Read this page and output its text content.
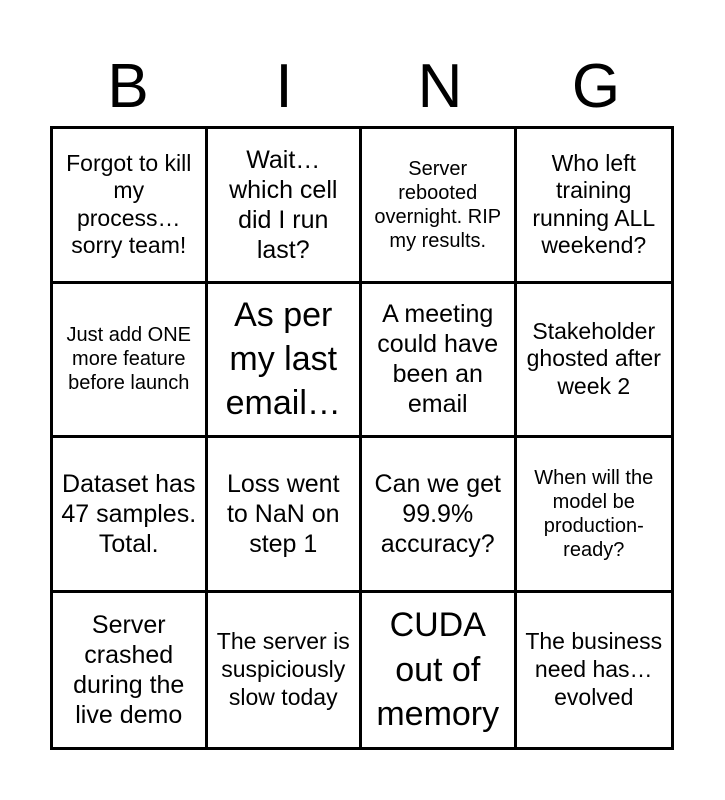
B	I	N	G
Forgot to kill my process… sorry team!
Wait… which cell did I run last?
Server rebooted overnight. RIP my results.
Who left training running ALL weekend?
Just add ONE more feature before launch
As per my last email…
A meeting could have been an email
Stakeholder ghosted after week 2
Dataset has 47 samples. Total.
Loss went to NaN on step 1
Can we get 99.9% accuracy?
When will the model be production-ready?
Server crashed during the live demo
The server is suspiciously slow today
CUDA out of memory
The business need has… evolved
